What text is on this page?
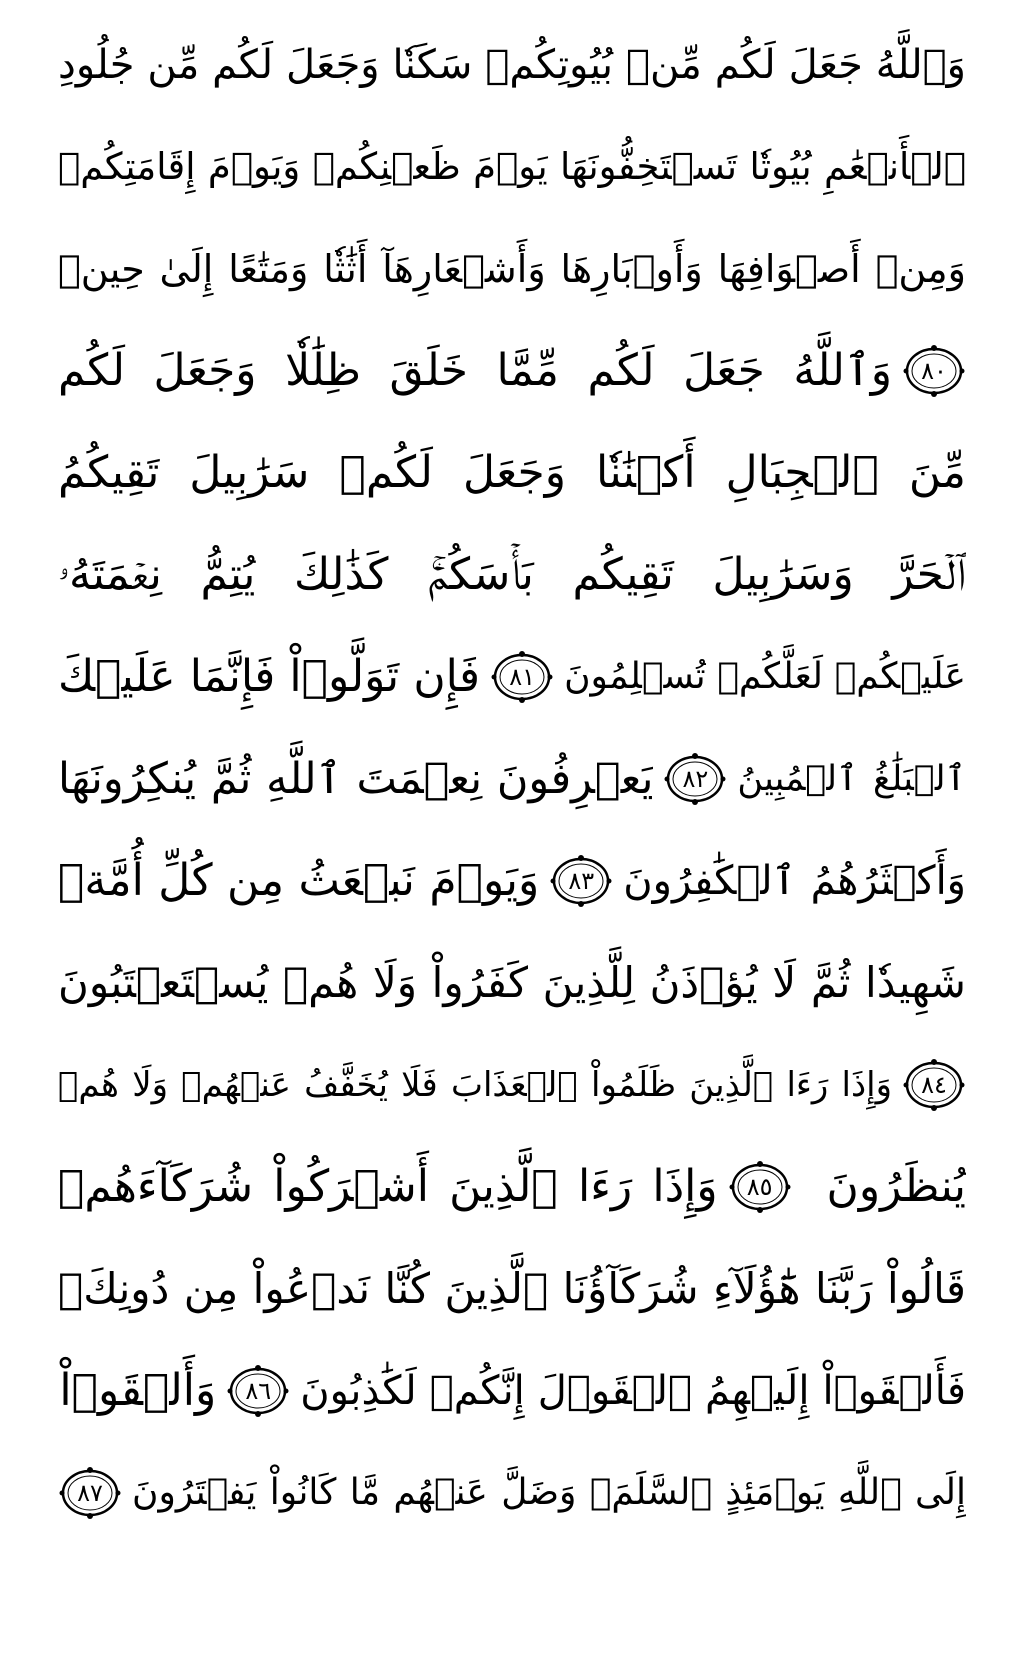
وَٱللَّهُ جَعَلَ لَكُم مِّنۢ بُيُوتِكُمۡ سَكَنٗا وَجَعَلَ لَكُم مِّن جُلُودِ
ٱلۡأَنۡعَٰمِ بُيُوتٗا تَسۡتَخِفُّونَهَا يَوۡمَ ظَعۡنِكُمۡ وَيَوۡمَ إِقَامَتِكُمۡ
وَمِنۡ أَصۡوَافِهَا وَأَوۡبَارِهَا وَأَشۡعَارِهَآ أَثَٰثٗا وَمَتَٰعًا إِلَىٰ حِينٖ
٨٠
وَٱللَّهُ جَعَلَ لَكُم مِّمَّا خَلَقَ ظِلَٰلٗا وَجَعَلَ لَكُم
مِّنَ ٱلۡجِبَالِ أَكۡنَٰنٗا وَجَعَلَ لَكُمۡ سَرَٰبِيلَ تَقِيكُمُ
ٱلۡحَرَّ وَسَرَٰبِيلَ تَقِيكُم بَأۡسَكُمۡۚ كَذَٰلِكَ يُتِمُّ نِعۡمَتَهُۥ
عَلَيۡكُمۡ لَعَلَّكُمۡ تُسۡلِمُونَ
٨١
فَإِن تَوَلَّوۡاْ فَإِنَّمَا عَلَيۡكَ
ٱلۡبَلَٰغُ ٱلۡمُبِينُ
٨٢
يَعۡرِفُونَ نِعۡمَتَ ٱللَّهِ ثُمَّ يُنكِرُونَهَا
وَأَكۡثَرُهُمُ ٱلۡكَٰفِرُونَ
٨٣
وَيَوۡمَ نَبۡعَثُ مِن كُلِّ أُمَّةٖ
شَهِيدٗا ثُمَّ لَا يُؤۡذَنُ لِلَّذِينَ كَفَرُواْ وَلَا هُمۡ يُسۡتَعۡتَبُونَ
٨٤
وَإِذَا رَءَا ٱلَّذِينَ ظَلَمُواْ ٱلۡعَذَابَ فَلَا يُخَفَّفُ عَنۡهُمۡ وَلَا هُمۡ
يُنظَرُونَ
٨٥
وَإِذَا رَءَا ٱلَّذِينَ أَشۡرَكُواْ شُرَكَآءَهُمۡ
قَالُواْ رَبَّنَا هَٰٓؤُلَآءِ شُرَكَآؤُنَا ٱلَّذِينَ كُنَّا نَدۡعُواْ مِن دُونِكَۖ
فَأَلۡقَوۡاْ إِلَيۡهِمُ ٱلۡقَوۡلَ إِنَّكُمۡ لَكَٰذِبُونَ
٨٦
وَأَلۡقَوۡاْ
إِلَى ٱللَّهِ يَوۡمَئِذٍ ٱلسَّلَمَۖ وَضَلَّ عَنۡهُم مَّا كَانُواْ يَفۡتَرُونَ
٨٧
